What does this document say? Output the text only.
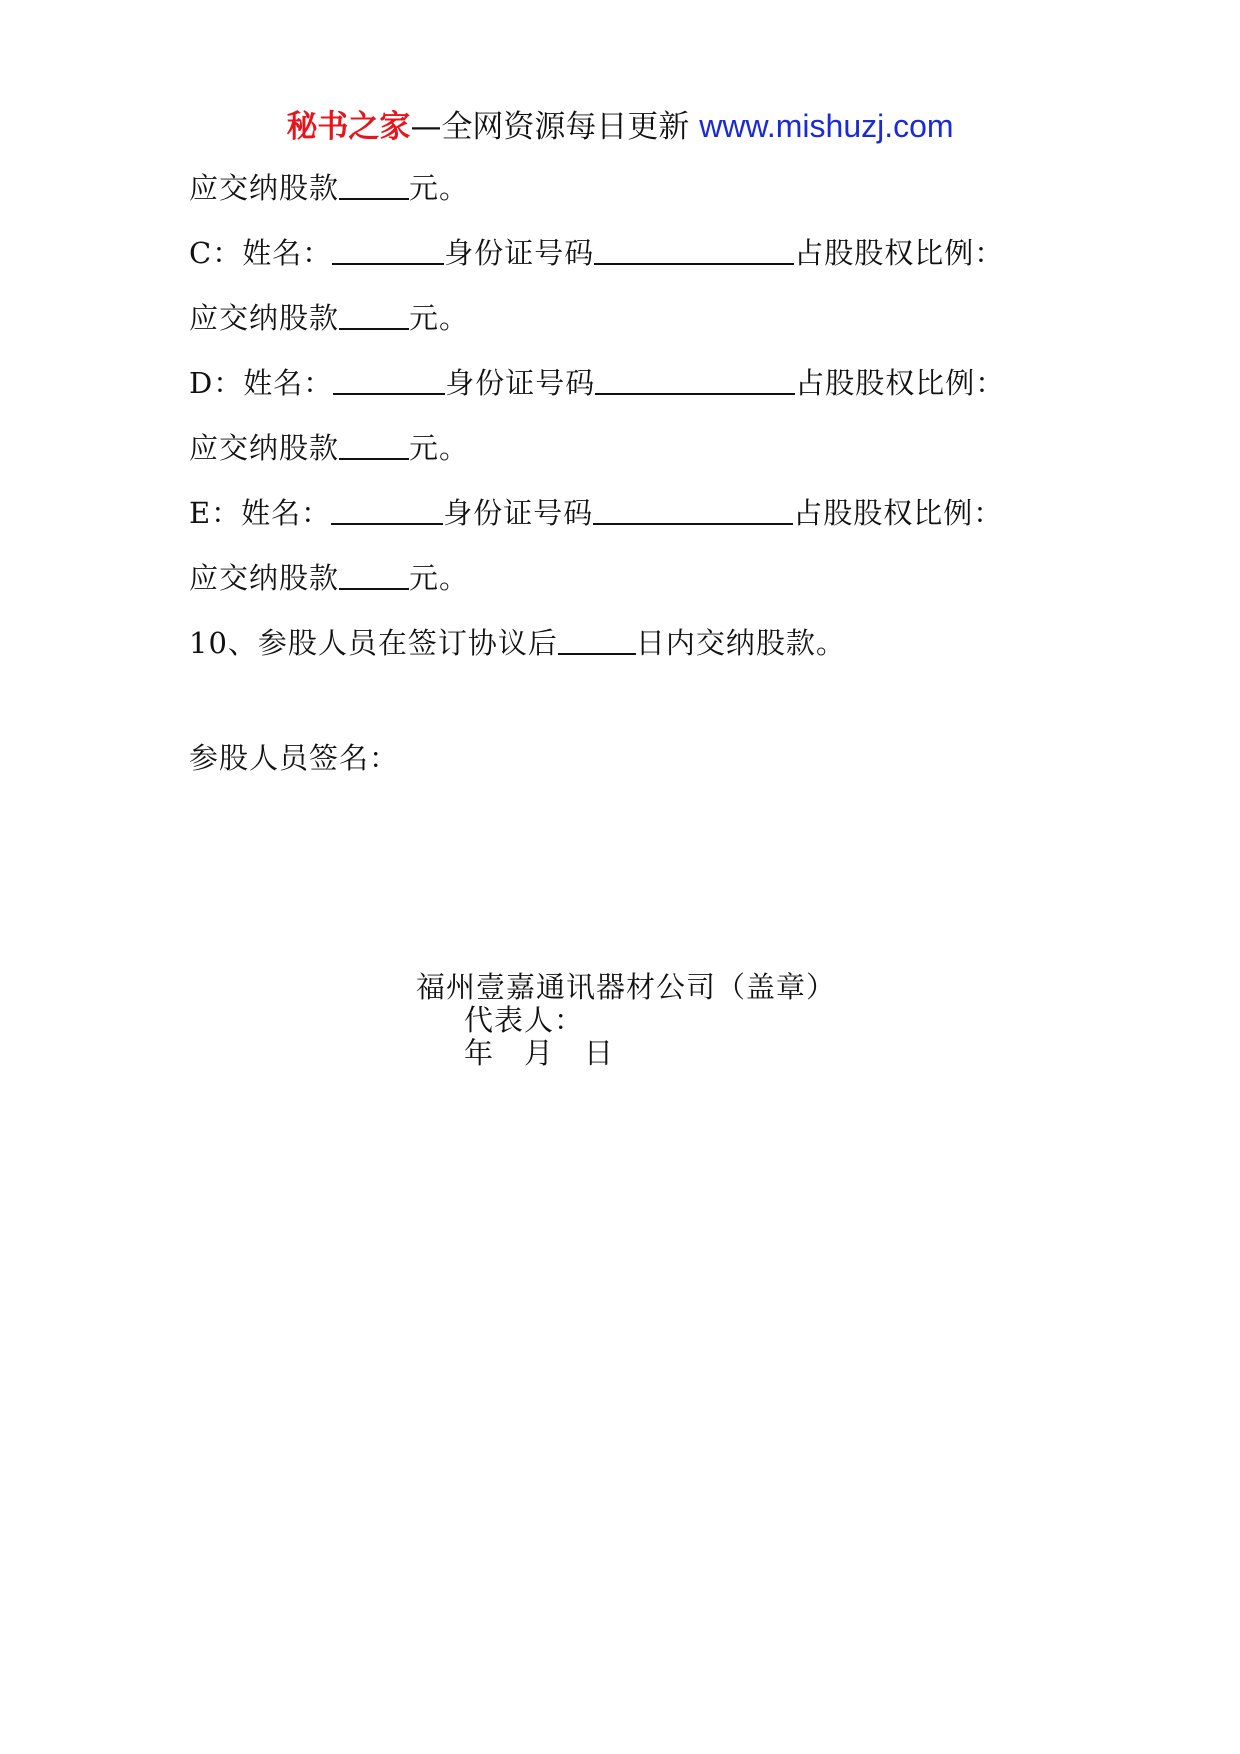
秘书之家—全网资源每日更新 www.mishuzj.com
应交纳股款 元。
C：姓名：	身份证号码	占股股权比例：
应交纳股款 元。
D：姓名：	身份证号码	占股股权比例：
应交纳股款 元。
E：姓名：	身份证号码	占股股权比例：
应交纳股款 元。
10、参股人员在签订协议后	日内交纳股款。
参股人员签名：
福州壹嘉通讯器材公司（盖章）
代表人：
年　月　日
